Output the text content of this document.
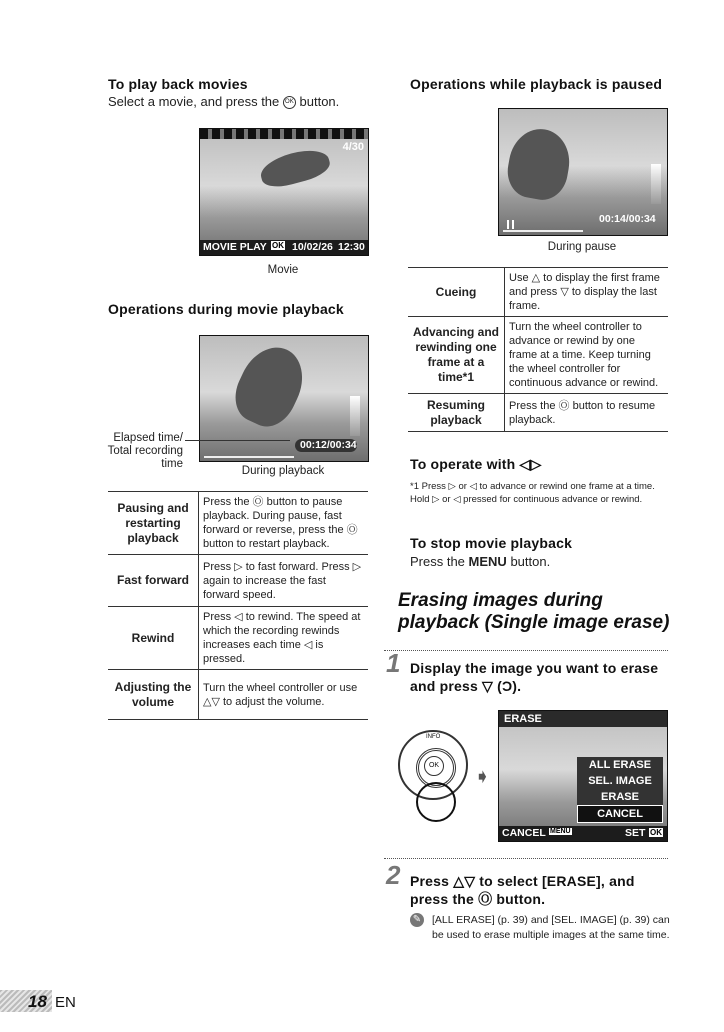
To play back movies
Select a movie, and press the OK button.
4/30
MOVIE PLAY OK 10/02/26 12:30
Movie
Operations during movie playback
00:12/00:34
Elapsed time/
Total recording
time
During playback
Pausing and restarting playback	Press the Ⓞ button to pause playback. During pause, fast forward or reverse, press the Ⓞ button to restart playback.
Fast forward	Press ▷ to fast forward. Press ▷ again to increase the fast forward speed.
Rewind	Press ◁ to rewind. The speed at which the recording rewinds increases each time ◁ is pressed.
Adjusting the volume	Turn the wheel controller or use △▽ to adjust the volume.
Operations while playback is paused
00:14/00:34
During pause
Cueing	Use △ to display the first frame and press ▽ to display the last frame.
Advancing and rewinding one frame at a time*1	Turn the wheel controller to advance or rewind by one frame at a time. Keep turning the wheel controller for continuous advance or rewind.
Resuming playback	Press the Ⓞ button to resume playback.
To operate with ◁▷
*1 Press ▷ or ◁ to advance or rewind one frame at a time. Hold ▷ or ◁ pressed for continuous advance or rewind.
To stop movie playback
Press the MENU button.
Erasing images during
playback (Single image erase)
1 Display the image you want to erase and press ▽ (Ɔ).
OK
INFO
➧
ERASE
ALL ERASE
SEL. IMAGE
ERASE
CANCEL
CANCEL MENU	SET OK
2 Press △▽ to select [ERASE], and press the Ⓞ button.
✎ [ALL ERASE] (p. 39) and [SEL. IMAGE] (p. 39) can be used to erase multiple images at the same time.
18 EN
